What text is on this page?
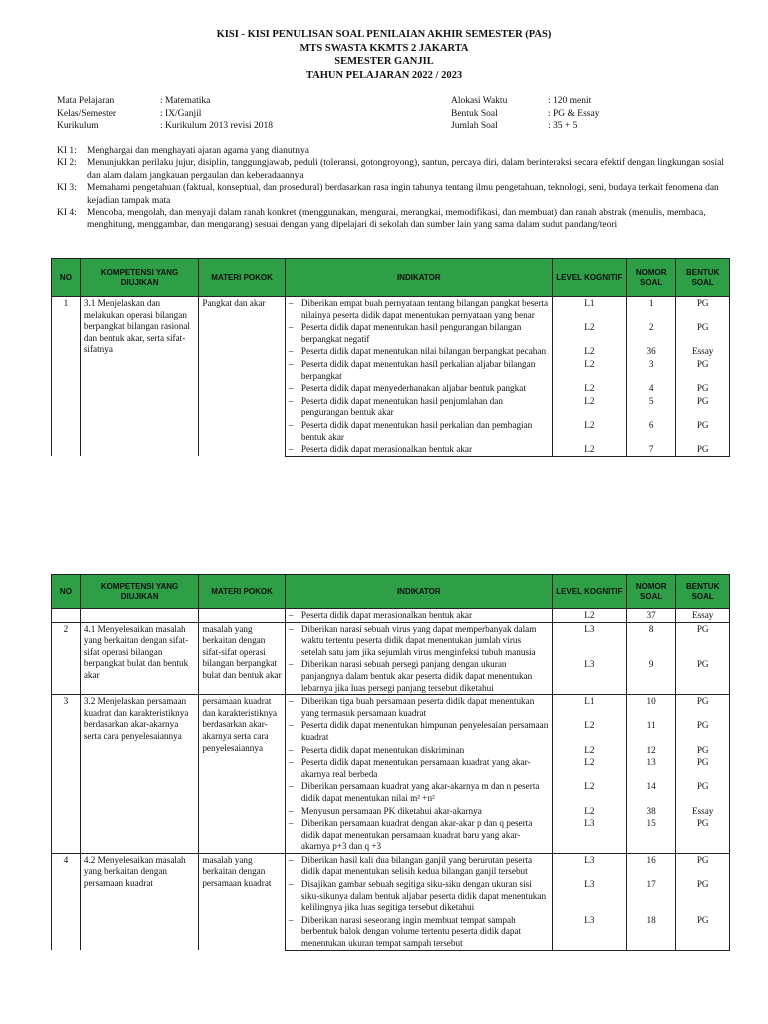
KISI - KISI PENULISAN SOAL PENILAIAN AKHIR SEMESTER (PAS)
MTS SWASTA KKMTS 2 JAKARTA
SEMESTER GANJIL
TAHUN PELAJARAN 2022 / 2023
Mata Pelajaran	: Matematika
Kelas/Semester	: IX/Ganjil
Kurikulum	: Kurikulum 2013 revisi 2018
Alokasi Waktu	: 120 menit
Bentuk Soal	: PG & Essay
Jumlah Soal	: 35 + 5
KI 1:	Menghargai dan menghayati ajaran agama yang dianutnya
KI 2:	Menunjukkan perilaku jujur, disiplin, tanggungjawab, peduli (toleransi, gotongroyong), santun, percaya diri, dalam berinteraksi secara efektif dengan lingkungan sosial dan alam dalam jangkauan pergaulan dan keberadaannya
KI 3:	Memahami pengetahuan (faktual, konseptual, dan prosedural) berdasarkan rasa ingin tahunya tentang ilmu pengetahuan, teknologi, seni, budaya terkait fenomena dan kejadian tampak mata
KI 4:	Mencoba, mengolah, dan menyaji dalam ranah konkret (menggunakan, mengurai, merangkai, memodifikasi, dan membuat) dan ranah abstrak (menulis, membaca, menghitung, menggambar, dan mengarang) sesuai dengan yang dipelajari di sekolah dan sumber lain yang sama dalam sudut pandang/teori
NO	KOMPETENSI YANG DIUJIKAN	MATERI POKOK	INDIKATOR	LEVEL KOGNITIF	NOMOR SOAL	BENTUK SOAL
1	3.1 Menjelaskan dan melakukan operasi bilangan berpangkat bilangan rasional dan bentuk akar, serta sifat-sifatnya	Pangkat dan akar	– Diberikan empat buah pernyataan tentang bilangan pangkat beserta nilainya peserta didik dapat menentukan pernyataan yang benar	L1	1	PG

			– Peserta didik dapat menentukan hasil pengurangan bilangan berpangkat negatif	L2	2	PG

			– Peserta didik dapat menentukan nilai bilangan berpangkat pecahan	L2	36	Essay

			– Peserta didik dapat menentukan hasil perkalian aljabar bilangan berpangkat	L2	3	PG

			– Peserta didik dapat menyederhanakan aljabar bentuk pangkat	L2	4	PG

			– Peserta didik dapat menentukan hasil penjumlahan dan pengurangan bentuk akar	L2	5	PG

			– Peserta didik dapat menentukan hasil perkalian dan pembagian bentuk akar	L2	6	PG

			– Peserta didik dapat merasionalkan bentuk akar	L2	7	PG
NO	KOMPETENSI YANG DIUJIKAN	MATERI POKOK	INDIKATOR	LEVEL KOGNITIF	NOMOR SOAL	BENTUK SOAL

			– Peserta didik dapat merasionalkan bentuk akar	L2	37	Essay
2	4.1 Menyelesaikan masalah yang berkaitan dengan sifat-sifat operasi bilangan berpangkat bulat dan bentuk akar	masalah yang berkaitan dengan sifat-sifat operasi bilangan berpangkat bulat dan bentuk akar	– Diberikan narasi sebuah virus yang dapat memperbanyak dalam waktu tertentu peserta didik dapat menentukan jumlah virus setelah satu jam jika sejumlah virus menginfeksi tubuh manusia	L3	8	PG

			– Diberikan narasi sebuah persegi panjang dengan ukuran panjangnya dalam bentuk akar peserta didik dapat menentukan lebarnya jika luas persegi panjang tersebut diketahui	L3	9	PG
3	3.2 Menjelaskan persamaan kuadrat dan karakteristiknya berdasarkan akar-akarnya serta cara penyelesaiannya	persamaan kuadrat dan karakteristiknya berdasarkan akar-akarnya serta cara penyelesaiannya	– Diberikan tiga buah persamaan peserta didik dapat menentukan yang termasuk persamaan kuadrat	L1	10	PG

			– Peserta didik dapat menentukan himpunan penyelesaian persamaan kuadrat	L2	11	PG

			– Peserta didik dapat menentukan diskriminan	L2	12	PG

			– Peserta didik dapat menentukan persamaan kuadrat yang akar-akarnya real berbeda	L2	13	PG

			– Diberikan persamaan kuadrat yang akar-akarnya m dan n peserta didik dapat menentukan nilai m² +n²	L2	14	PG

			– Menyusun persamaan PK diketahui akar-akarnya	L2	38	Essay

			– Diberikan persamaan kuadrat dengan akar-akar p dan q peserta didik dapat menentukan persamaan kuadrat baru yang akar-akarnya p+3 dan q +3	L3	15	PG
4	4.2 Menyelesaikan masalah yang berkaitan dengan persamaan kuadrat	masalah yang berkaitan dengan persamaan kuadrat	– Diberikan hasil kali dua bilangan ganjil yang berurutan peserta didik dapat menentukan selisih kedua bilangan ganjil tersebut	L3	16	PG

			– Disajikan gambar sebuah segitiga siku-siku dengan ukuran sisi siku-sikunya dalam bentuk aljabar peserta didik dapat menentukan kelilingnya jika luas segitiga tersebut diketahui	L3	17	PG

			– Diberikan narasi seseorang ingin membuat tempat sampah berbentuk balok dengan volume tertentu peserta didik dapat menentukan ukuran tempat sampah tersebut	L3	18	PG
